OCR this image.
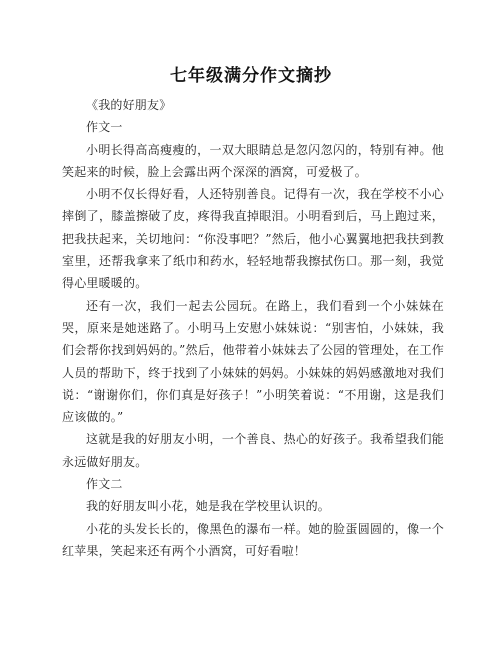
七年级满分作文摘抄

《我的好朋友》

作文一

小明长得高高瘦瘦的，一双大眼睛总是忽闪忽闪的，特别有神。他笑起来的时候，脸上会露出两个深深的酒窝，可爱极了。

小明不仅长得好看，人还特别善良。记得有一次，我在学校不小心摔倒了，膝盖擦破了皮，疼得我直掉眼泪。小明看到后，马上跑过来，把我扶起来，关切地问：“你没事吧？”然后，他小心翼翼地把我扶到教室里，还帮我拿来了纸巾和药水，轻轻地帮我擦拭伤口。那一刻，我觉得心里暖暖的。

还有一次，我们一起去公园玩。在路上，我们看到一个小妹妹在哭，原来是她迷路了。小明马上安慰小妹妹说：“别害怕，小妹妹，我们会帮你找到妈妈的。”然后，他带着小妹妹去了公园的管理处，在工作人员的帮助下，终于找到了小妹妹的妈妈。小妹妹的妈妈感激地对我们说：“谢谢你们，你们真是好孩子！”小明笑着说：“不用谢，这是我们应该做的。”

这就是我的好朋友小明，一个善良、热心的好孩子。我希望我们能永远做好朋友。

作文二

我的好朋友叫小花，她是我在学校里认识的。

小花的头发长长的，像黑色的瀑布一样。她的脸蛋圆圆的，像一个红苹果，笑起来还有两个小酒窝，可好看啦！
